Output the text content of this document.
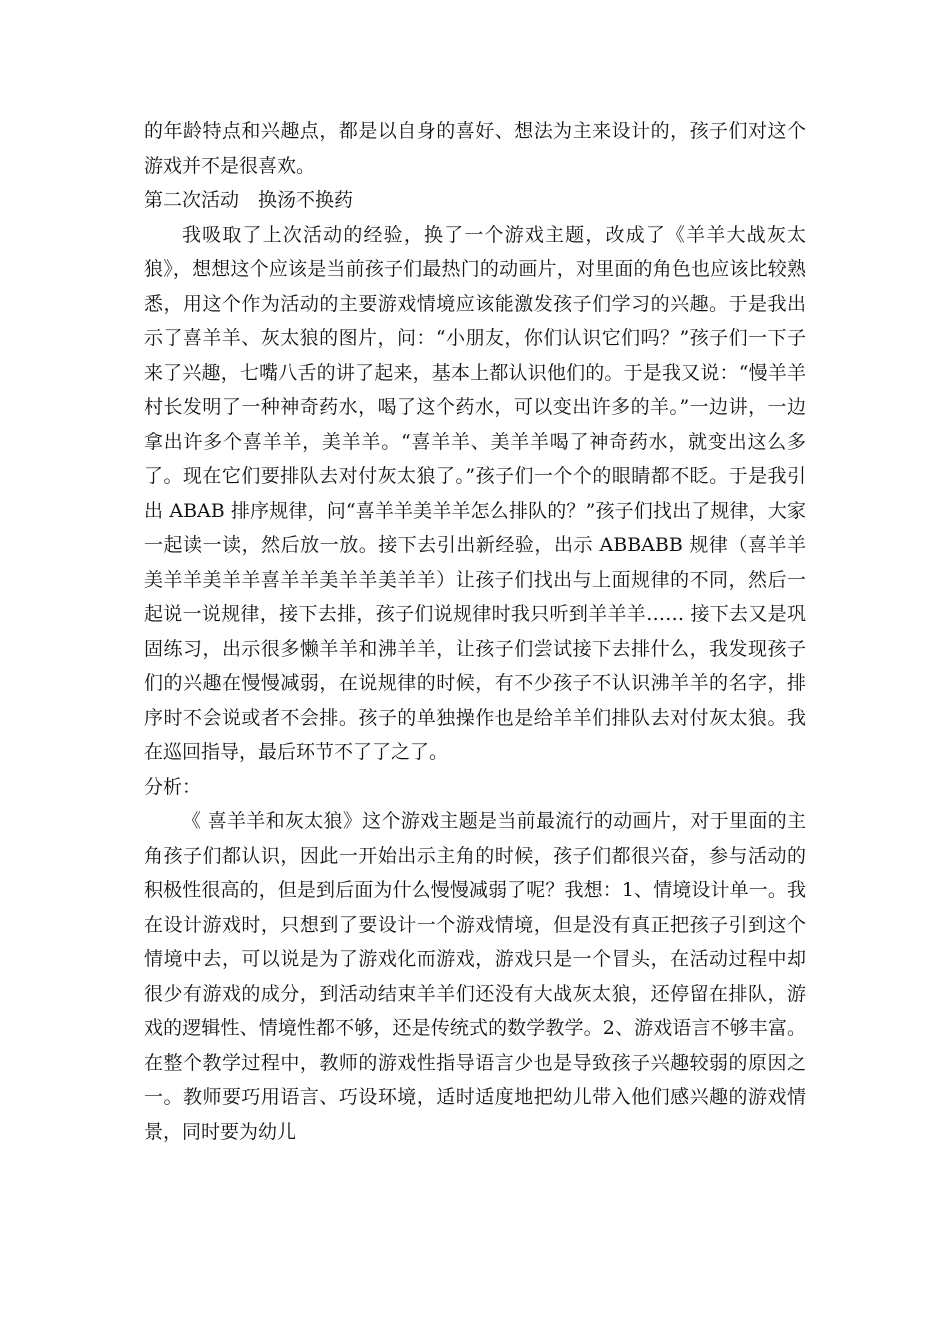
的年龄特点和兴趣点，都是以自身的喜好、想法为主来设计的，孩子们对这个游戏并不是很喜欢。

第二次活动　换汤不换药

我吸取了上次活动的经验，换了一个游戏主题，改成了《羊羊大战灰太狼》，想想这个应该是当前孩子们最热门的动画片，对里面的角色也应该比较熟悉，用这个作为活动的主要游戏情境应该能激发孩子们学习的兴趣。于是我出示了喜羊羊、灰太狼的图片，问：“小朋友，你们认识它们吗？”孩子们一下子来了兴趣，七嘴八舌的讲了起来，基本上都认识他们的。于是我又说：“慢羊羊村长发明了一种神奇药水，喝了这个药水，可以变出许多的羊。”一边讲，一边拿出许多个喜羊羊，美羊羊。“喜羊羊、美羊羊喝了神奇药水，就变出这么多了。现在它们要排队去对付灰太狼了。”孩子们一个个的眼睛都不眨。于是我引出 ABAB 排序规律，问“喜羊羊美羊羊怎么排队的？”孩子们找出了规律，大家一起读一读，然后放一放。接下去引出新经验，出示 ABBABB 规律（喜羊羊美羊羊美羊羊喜羊羊美羊羊美羊羊）让孩子们找出与上面规律的不同，然后一起说一说规律，接下去排，孩子们说规律时我只听到羊羊羊…… 接下去又是巩固练习，出示很多懒羊羊和沸羊羊，让孩子们尝试接下去排什么，我发现孩子们的兴趣在慢慢减弱，在说规律的时候，有不少孩子不认识沸羊羊的名字，排序时不会说或者不会排。孩子的单独操作也是给羊羊们排队去对付灰太狼。我在巡回指导，最后环节不了了之了。

分析：

《 喜羊羊和灰太狼》这个游戏主题是当前最流行的动画片，对于里面的主角孩子们都认识，因此一开始出示主角的时候，孩子们都很兴奋，参与活动的积极性很高的，但是到后面为什么慢慢减弱了呢？我想：1、情境设计单一。我在设计游戏时，只想到了要设计一个游戏情境，但是没有真正把孩子引到这个情境中去，可以说是为了游戏化而游戏，游戏只是一个冒头，在活动过程中却很少有游戏的成分，到活动结束羊羊们还没有大战灰太狼，还停留在排队，游戏的逻辑性、情境性都不够，还是传统式的数学教学。2、游戏语言不够丰富。在整个教学过程中，教师的游戏性指导语言少也是导致孩子兴趣较弱的原因之一。教师要巧用语言、巧设环境，适时适度地把幼儿带入他们感兴趣的游戏情景，同时要为幼儿
